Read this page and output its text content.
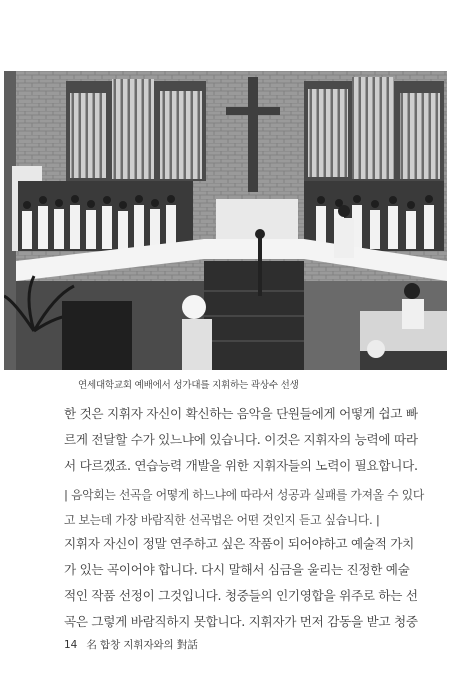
연세대학교회 예배에서 성가대를 지휘하는 곽상수 선생
한 것은 지휘자 자신이 확신하는 음악을 단원들에게 어떻게 쉽고 빠
르게 전달할 수가 있느냐에 있습니다. 이것은 지휘자의 능력에 따라
서 다르겠죠. 연습능력 개발을 위한 지휘자들의 노력이 필요합니다.
| 음악회는 선곡을 어떻게 하느냐에 따라서 성공과 실패를 가져올 수 있다
고 보는데 가장 바람직한 선곡법은 어떤 것인지 듣고 싶습니다. |
지휘자 자신이 정말 연주하고 싶은 작품이 되어야하고 예술적 가치
가 있는 곡이어야 합니다. 다시 말해서 심금을 울리는 진정한 예술
적인 작품 선정이 그것입니다. 청중들의 인기영합을 위주로 하는 선
곡은 그렇게 바람직하지 못합니다. 지휘자가 먼저 감동을 받고 청중
14 名 합창 지휘자와의 對話
